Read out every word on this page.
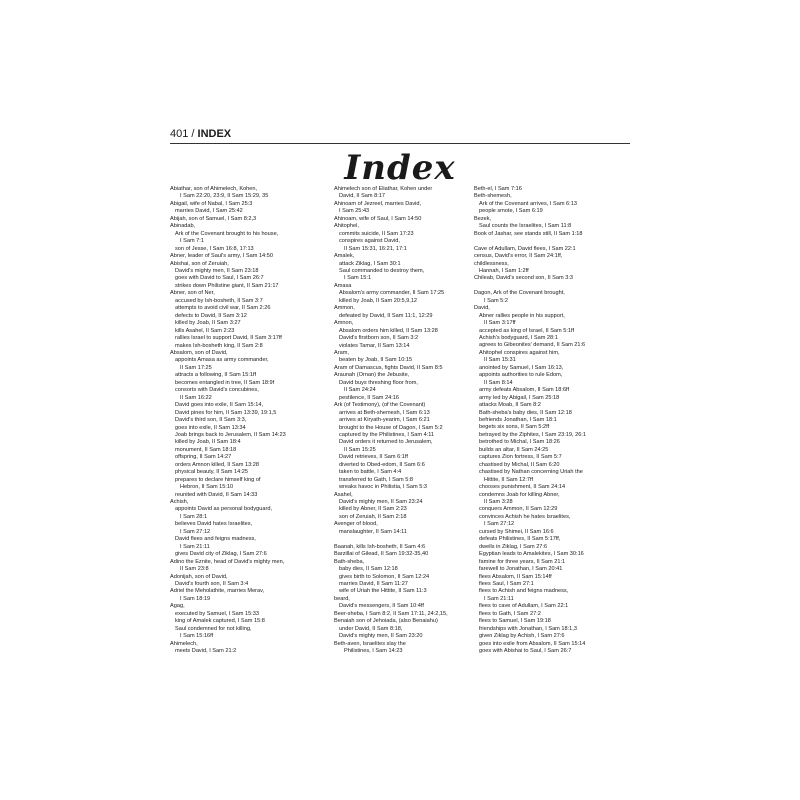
401 / INDEX
Index
Abiathar, son of Ahimelech, Kohen,
I Sam 22:20, 23:9, II Sam 15:29, 35
Abigail, wife of Nabal, I Sam 25:3
marries David, I Sam 25:42
Abijah, son of Samuel, I Sam 8:2,3
Abinadab,
Ark of the Covenant brought to his house,
I Sam 7:1
son of Jesse, I Sam 16:8, 17:13
Abner, leader of Saul's army, I Sam 14:50
Abishai, son of Zeruiah,
David's mighty men, II Sam 23:18
goes with David to Saul, I Sam 26:7
strikes down Philistine giant, II Sam 21:17
Abner, son of Ner,
accused by Ish-bosheth, II Sam 3:7
attempts to avoid civil war, II Sam 2:26
defects to David, II Sam 3:12
killed by Joab, II Sam 3:27
kills Asahel, II Sam 2:23
rallies Israel to support David, II Sam 3:17ff
makes Ish-bosheth king, II Sam 2:8
Absalom, son of David,
appoints Amasa as army commander,
II Sam 17:25
attracts a following, II Sam 15:1ff
becomes entangled in tree, II Sam 18:9f
consorts with David's concubines,
II Sam 16:22
David goes into exile, II Sam 15:14,
David pines for him, II Sam 13:39, 19:1,5
David's third son, II Sam 3:3,
goes into exile, II Sam 13:34
Joab brings back to Jerusalem, II Sam 14:23
killed by Joab, II Sam 18:4
monument, II Sam 18:18
offspring, II Sam 14:27
orders Amnon killed, II Sam 13:28
physical beauty, II Sam 14:25
prepares to declare himself king of
Hebron, II Sam 15:10
reunited with David, II Sam 14:33
Achish,
appoints David as personal bodyguard,
I Sam 28:1
believes David hates Israelites,
I Sam 27:12
David flees and feigns madness,
I Sam 21:11
gives David city of Ziklag, I Sam 27:6
Adino the Eznite, head of David's mighty men,
II Sam 23:8
Adonijah, son of David,
David's fourth son, II Sam 3:4
Adriel the Meholathite, marries Merav,
I Sam 18:19
Agag,
executed by Samuel, I Sam 15:33
king of Amalek captured, I Sam 15:8
Saul condemned for not killing,
I Sam 15:16ff
Ahimelech,
meets David, I Sam 21:2
Ahimelech son of Eliathar, Kohen under
David, II Sam 8:17
Ahinoam of Jezreel, marries David,
I Sam 25:43
Ahinoam, wife of Saul, I Sam 14:50
Ahitophel,
commits suicide, II Sam 17:23
conspires against David,
II Sam 15:31, 16:21, 17:1
Amalek,
attack Ziklag, I Sam 30:1
Saul commanded to destroy them,
I Sam 15:1
Amasa
Absalom's army commander, II Sam 17:25
killed by Joab, II Sam 20:5,9,12
Ammon,
defeated by David, II Sam 11:1, 12:29
Amnon,
Absalom orders him killed, II Sam 13:28
David's firstborn son, II Sam 3:2
violates Tamar, II Sam 13:14
Aram,
beaten by Joab, II Sam 10:15
Aram of Damascus, fights David, II Sam 8:5
Araunah (Ornan) the Jebusite,
David buys threshing floor from,
II Sam 24:24
pestilence, II Sam 24:16
Ark (of Testimony), (of the Covenant)
arrives at Beth-shemesh, I Sam 6:13
arrives at Kiryath-yearim, I Sam 6:21
brought to the House of Dagon, I Sam 5:2
captured by the Philistines, I Sam 4:11
David orders it returned to Jerusalem,
II Sam 15:25
David retrieves, II Sam 6:1ff
diverted to Obed-edom, II Sam 6:6
taken to battle, I Sam 4:4
transferred to Gath, I Sam 5:8
wreaks havoc in Philistia, I Sam 5:3
Asahel,
David's mighty men, II Sam 23:24
killed by Abner, II Sam 2:23
son of Zeruiah, II Sam 2:18
Avenger of blood,
manslaughter, II Sam 14:11
Baanah, kills Ish-bosheth, II Sam 4:6
Barzillai of Gilead, II Sam 19:32-35,40
Bath-sheba,
baby dies, II Sam 12:18
gives birth to Solomon, II Sam 12:24
marries David, II Sam 11:27
wife of Uriah the Hittite, II Sam 11:3
beard,
David's messengers, II Sam 10:4ff
Beer-sheba, I Sam 8:2, II Sam 17:11, 24:2,15,
Benaiah son of Jehoiada, (also Benaiahu)
under David, II Sam 8:18,
David's mighty men, II Sam 23:20
Beth-aven, Israelites slay the
Philistines, I Sam 14:23
Beth-el, I Sam 7:16
Beth-shemesh,
Ark of the Covenant arrives, I Sam 6:13
people smote, I Sam 6:19
Bezek,
Saul counts the Israelites, I Sam 11:8
Book of Jashar, see stands still, II Sam 1:18
Cave of Adullam, David flees, I Sam 22:1
census, David's error, II Sam 24:1ff,
childlessness,
Hannah, I Sam 1:2ff
Chileab, David's second son, II Sam 3:3
Dagon, Ark of the Covenant brought,
I Sam 5:2
David,
Abner rallies people in his support,
II Sam 3:17ff
accepted as king of Israel, II Sam 5:1ff
Achish's bodyguard, I Sam 28:1
agrees to Gibeonites' demand, II Sam 21:6
Ahitophel conspires against him,
II Sam 15:31
anointed by Samuel, I Sam 16:13,
appoints authorities to rule Edom,
II Sam 8:14
army defeats Absalom, II Sam 18:6ff
army led by Abigail, I Sam 25:18
attacks Moab, II Sam 8:2
Bath-sheba's baby dies, II Sam 12:18
befriends Jonathan, I Sam 18:1
begets six sons, II Sam 5:2ff
betrayed by the Ziphites, I Sam 23:19, 26:1
betrothed to Michal, I Sam 18:26
builds an altar, II Sam 24:25
captures Zion fortress, II Sam 5:7
chastised by Michal, II Sam 6:20
chastised by Nathan concerning Uriah the
Hittite, II Sam 12:7ff
chooses punishment, II Sam 24:14
condemns Joab for killing Abner,
II Sam 3:28
conquers Ammon, II Sam 12:29
convinces Achish he hates Israelites,
I Sam 27:12
cursed by Shimei, II Sam 16:6
defeats Philistines, II Sam 5:17ff,
dwells in Ziklag, I Sam 27:6
Egyptian leads to Amalekites, I Sam 30:16
famine for three years, II Sam 21:1
farewell to Jonathan, I Sam 20:41
flees Absalom, II Sam 15:14ff
flees Saul, I Sam 27:1
flees to Achish and feigns madness,
I Sam 21:11
flees to cave of Adullam, I Sam 22:1
flees to Gath, I Sam 27:2
flees to Samuel, I Sam 19:18
friendships with Jonathan, I Sam 18:1,3
given Ziklag by Achish, I Sam 27:6
goes into exile from Absalom, II Sam 15:14
goes with Abishai to Saul, I Sam 26:7
